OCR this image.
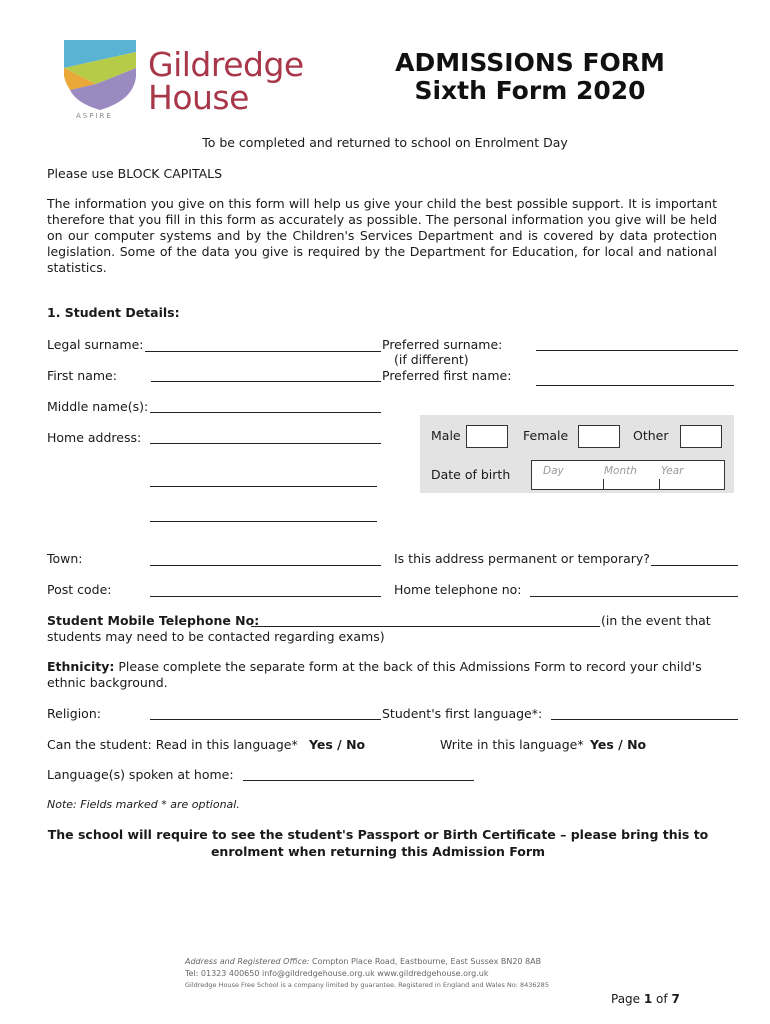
Gildredge
House
ASPIRE
ADMISSIONS FORM
Sixth Form 2020
To be completed and returned to school on Enrolment Day
Please use BLOCK CAPITALS
The information you give on this form will help us give your child the best possible support. It is important therefore that you fill in this form as accurately as possible. The personal information you give will be held on our computer systems and by the Children's Services Department and is covered by data protection legislation. Some of the data you give is required by the Department for Education, for local and national statistics.
1. Student Details:
Legal surname:	Preferred surname:
(if different)
First name:	Preferred first name:
Middle name(s):
Home address:	Male	Female	Other
Date of birth	Day	Month Year
Town:	Is this address permanent or temporary?
Post code:	Home telephone no:
Student Mobile Telephone No:	(in the event that
students may need to be contacted regarding exams)
Ethnicity: Please complete the separate form at the back of this Admissions Form to record your child's
ethnic background.
Religion:	Student's first language*:
Can the student: Read in this language* Yes / No	Write in this language* Yes / No
Language(s) spoken at home:
Note: Fields marked * are optional.
The school will require to see the student's Passport or Birth Certificate – please bring this to
enrolment when returning this Admission Form
Address and Registered Office: Compton Place Road, Eastbourne, East Sussex BN20 8AB
Tel: 01323 400650 info@gildredgehouse.org.uk www.gildredgehouse.org.uk
Gildredge House Free School is a company limited by guarantee. Registered in England and Wales No: 8436285
Page 1 of 7
